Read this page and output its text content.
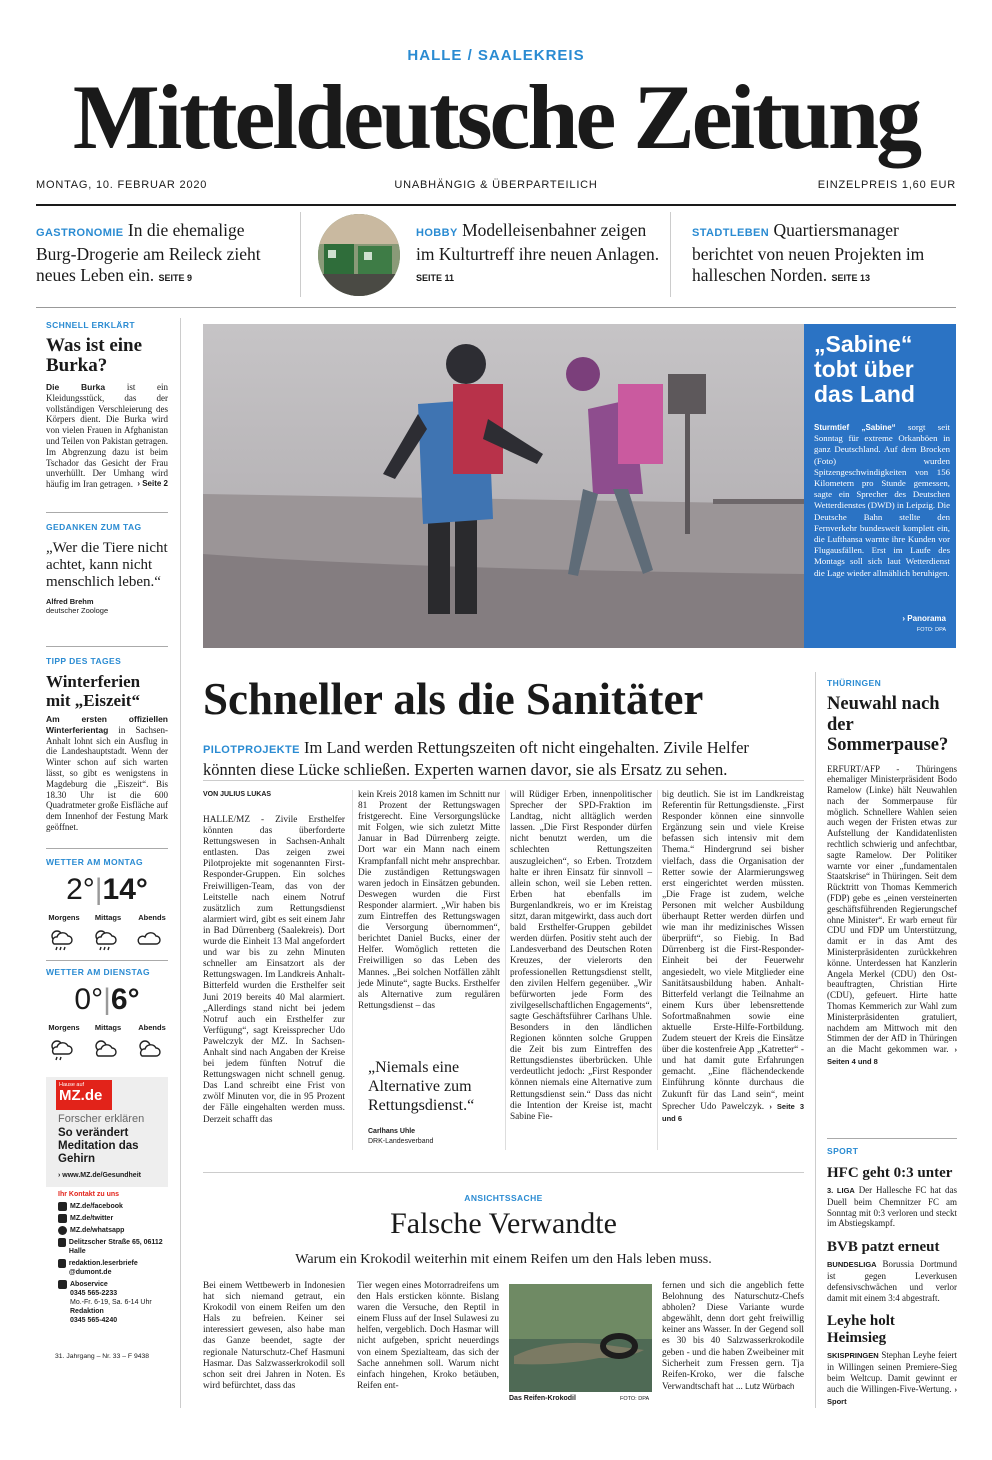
HALLE / SAALEKREIS
Mitteldeutsche Zeitung
MONTAG, 10. FEBRUAR 2020	UNABHÄNGIG & ÜBERPARTEILICH	EINZELPREIS 1,60 EUR
GASTRONOMIE In die ehemalige Burg-Drogerie am Reileck zieht neues Leben ein. SEITE 9
HOBBY Modelleisenbahner zeigen im Kulturtreff ihre neuen Anlagen. SEITE 11
STADTLEBEN Quartiersmanager berichtet von neuen Projekten im halleschen Norden. SEITE 13
SCHNELL ERKLÄRT
Was ist eine Burka?
Die Burka ist ein Kleidungsstück, das der vollständigen Verschleierung des Körpers dient. Die Burka wird von vielen Frauen in Afghanistan und Teilen von Pakistan getragen. Im Abgrenzung dazu ist beim Tschador das Gesicht der Frau unverhüllt. Der Umhang wird häufig im Iran getragen. › Seite 2
GEDANKEN ZUM TAG
„Wer die Tiere nicht achtet, kann nicht menschlich leben.“
Alfred Brehm
deutscher Zoologe
TIPP DES TAGES
Winterferien mit „Eiszeit“
Am ersten offiziellen Winterferientag in Sachsen-Anhalt lohnt sich ein Ausflug in die Landeshauptstadt. Wenn der Winter schon auf sich warten lässt, so gibt es wenigstens in Magdeburg die „Eiszeit“. Bis 18.30 Uhr ist die 600 Quadratmeter große Eisfläche auf dem Innenhof der Festung Mark geöffnet.
WETTER AM MONTAG
2°|14°
Morgens Mittags Abends

WETTER AM DIENSTAG
0°|6°
Morgens Mittags Abends

Hause auf
MZ.de
Forscher erklären
So verändert Meditation das Gehirn
› www.MZ.de/Gesundheit
Ihr Kontakt zu uns
MZ.de/facebook
MZ.de/twitter
MZ.de/whatsapp
Delitzscher Straße 65, 06112 Halle
redaktion.leserbriefe @dumont.de
Aboservice
0345 565-2233
Mo.-Fr. 6-19, Sa. 6-14 Uhr
Redaktion
0345 565-4240
31. Jahrgang – Nr. 33 – F 9438
„Sabine“ tobt über das Land
Sturmtief „Sabine“ sorgt seit Sonntag für extreme Orkanböen in ganz Deutschland. Auf dem Brocken (Foto) wurden Spitzengeschwindigkeiten von 156 Kilometern pro Stunde gemessen, sagte ein Sprecher des Deutschen Wetterdienstes (DWD) in Leipzig. Die Deutsche Bahn stellte den Fernverkehr bundesweit komplett ein, die Lufthansa warnte ihre Kunden vor Flugausfällen. Erst im Laufe des Montags soll sich laut Wetterdienst die Lage wieder allmählich beruhigen.
› Panorama
FOTO: DPA
Schneller als die Sanitäter
PILOTPROJEKTE Im Land werden Rettungszeiten oft nicht eingehalten. Zivile Helfer könnten diese Lücke schließen. Experten warnen davor, sie als Ersatz zu sehen.
VON JULIUS LUKAS
HALLE/MZ - Zivile Ersthelfer könnten das überforderte Rettungswesen in Sachsen-Anhalt entlasten. Das zeigen zwei Pilotprojekte mit sogenannten First-Responder-Gruppen. Ein solches Freiwilligen-Team, das von der Leitstelle nach einem Notruf zusätzlich zum Rettungsdienst alarmiert wird, gibt es seit einem Jahr in Bad Dürrenberg (Saalekreis). Dort wurde die Einheit 13 Mal angefordert und war bis zu zehn Minuten schneller am Einsatzort als der Rettungswagen. Im Landkreis Anhalt-Bitterfeld wurden die Ersthelfer seit Juni 2019 bereits 40 Mal alarmiert. „Allerdings stand nicht bei jedem Notruf auch ein Ersthelfer zur Verfügung“, sagt Kreissprecher Udo Pawelczyk der MZ. In Sachsen-Anhalt sind nach Angaben der Kreise bei jedem fünften Notruf die Rettungswagen nicht schnell genug. Das Land schreibt eine Frist von zwölf Minuten vor, die in 95 Prozent der Fälle eingehalten werden muss. Derzeit schafft das
kein Kreis 2018 kamen im Schnitt nur 81 Prozent der Rettungswagen fristgerecht. Eine Versorgungslücke mit Folgen, wie sich zuletzt Mitte Januar in Bad Dürrenberg zeigte. Dort war ein Mann nach einem Krampfanfall nicht mehr ansprechbar. Die zuständigen Rettungswagen waren jedoch in Einsätzen gebunden. Deswegen wurden die First Responder alarmiert. „Wir haben bis zum Eintreffen des Rettungswagen die Versorgung übernommen“, berichtet Daniel Bucks, einer der Helfer. Womöglich retteten die Freiwilligen so das Leben des Mannes. „Bei solchen Notfällen zählt jede Minute“, sagte Bucks. Ersthelfer als Alternative zum regulären Rettungsdienst – das
„Niemals eine Alternative zum Rettungsdienst.“
Carlhans Uhle
DRK-Landesverband
will Rüdiger Erben, innenpolitischer Sprecher der SPD-Fraktion im Landtag, nicht alltäglich werden lassen. „Die First Responder dürfen nicht benutzt werden, um die schlechten Rettungszeiten auszugleichen“, so Erben. Trotzdem halte er ihren Einsatz für sinnvoll – allein schon, weil sie Leben retten. Erben hat ebenfalls im Burgenlandkreis, wo er im Kreistag sitzt, daran mitgewirkt, dass auch dort bald Ersthelfer-Gruppen gebildet werden dürfen. Positiv steht auch der Landesverband des Deutschen Roten Kreuzes, der vielerorts den professionellen Rettungsdienst stellt, den zivilen Helfern gegenüber. „Wir befürworten jede Form des zivilgesellschaftlichen Engagements“, sagte Geschäftsführer Carlhans Uhle. Besonders in den ländlichen Regionen könnten solche Gruppen die Zeit bis zum Eintreffen des Rettungsdienstes überbrücken. Uhle verdeutlicht jedoch: „First Responder können niemals eine Alternative zum Rettungsdienst sein.“ Dass das nicht die Intention der Kreise ist, macht Sabine Fie-
big deutlich. Sie ist im Landkreistag Referentin für Rettungsdienste. „First Responder können eine sinnvolle Ergänzung sein und viele Kreise befassen sich intensiv mit dem Thema.“ Hindergrund sei bisher vielfach, dass die Organisation der Retter sowie der Alarmierungsweg erst eingerichtet werden müssten. „Die Frage ist zudem, welche Personen mit welcher Ausbildung überhaupt Retter werden dürfen und wie man ihr medizinisches Wissen überprüft“, so Fiebig. In Bad Dürrenberg ist die First-Responder-Einheit bei der Feuerwehr angesiedelt, wo viele Mitglieder eine Sanitätsausbildung haben. Anhalt-Bitterfeld verlangt die Teilnahme an einem Kurs über lebensrettende Sofortmaßnahmen sowie eine aktuelle Erste-Hilfe-Fortbildung. Zudem steuert der Kreis die Einsätze über die kostenfreie App „Katretter“ - und hat damit gute Erfahrungen gemacht. „Eine flächendeckende Einführung könnte durchaus die Zukunft für das Land sein“, meint Sprecher Udo Pawelczyk. › Seite 3 und 6
THÜRINGEN
Neuwahl nach der Sommerpause?
ERFURT/AFP - Thüringens ehemaliger Ministerpräsident Bodo Ramelow (Linke) hält Neuwahlen nach der Sommerpause für möglich. Schnellere Wahlen seien auch wegen der Fristen etwas zur Aufstellung der Kandidatenlisten rechtlich schwierig und anfechtbar, sagte Ramelow. Der Politiker warnte vor einer „fundamentalen Staatskrise“ in Thüringen. Seit dem Rücktritt von Thomas Kemmerich (FDP) gebe es „einen versteinerten geschäftsführenden Regierungschef ohne Minister“. Er warb erneut für CDU und FDP um Unterstützung, damit er in das Amt des Ministerpräsidenten zurückkehren könne. Unterdessen hat Kanzlerin Angela Merkel (CDU) den Ost-beauftragten, Christian Hirte (CDU), gefeuert. Hirte hatte Thomas Kemmerich zur Wahl zum Ministerpräsidenten gratuliert, nachdem am Mittwoch mit den Stimmen der der AfD in Thüringen an die Macht gekommen war. › Seiten 4 und 8
SPORT
HFC geht 0:3 unter
3. LIGA Der Hallesche FC hat das Duell beim Chemnitzer FC am Sonntag mit 0:3 verloren und steckt im Abstiegskampf.
BVB patzt erneut
BUNDESLIGA Borussia Dortmund ist gegen Leverkusen defensivschwächen und verlor damit mit einem 3:4 abgestraft.
Leyhe holt Heimsieg
SKISPRINGEN Stephan Leyhe feiert in Willingen seinen Premiere-Sieg beim Weltcup. Damit gewinnt er auch die Willingen-Five-Wertung. › Sport
ANSICHTSSACHE
Falsche Verwandte
Warum ein Krokodil weiterhin mit einem Reifen um den Hals leben muss.
Bei einem Wettbewerb in Indonesien hat sich niemand getraut, ein Krokodil von einem Reifen um den Hals zu befreien. Keiner sei interessiert gewesen, also habe man das Ganze beendet, sagte der regionale Naturschutz-Chef Hasmuni Hasmar. Das Salzwasserkrokodil soll schon seit drei Jahren in Noten. Es wird befürchtet, dass das
Tier wegen eines Motorradreifens um den Hals ersticken könnte. Bislang waren die Versuche, den Reptil in einem Fluss auf der Insel Sulawesi zu helfen, vergeblich. Doch Hasmar will nicht aufgeben, spricht neuerdings von einem Spezialteam, das sich der Sache annehmen soll. Warum nicht einfach hingehen, Kroko betäuben, Reifen ent-
Das Reifen-Krokodil	FOTO: DPA
fernen und sich die angeblich fette Belohnung des Naturschutz-Chefs abholen? Diese Variante wurde abgewählt, denn dort geht freiwillig keiner ans Wasser. In der Gegend soll es 30 bis 40 Salzwasserkrokodile geben - und die haben Zweibeiner mit Sicherheit zum Fressen gern. Tja Reifen-Kroko, wer die falsche Verwandtschaft hat ... Lutz Würbach
